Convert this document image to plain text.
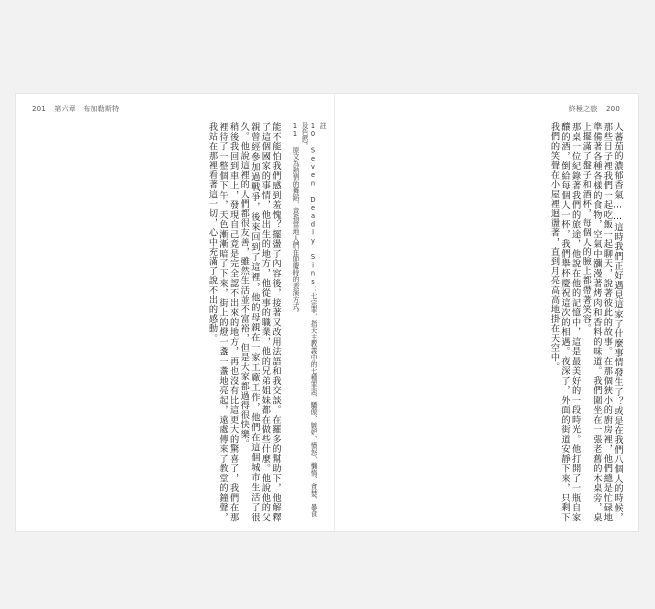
201 第六章　布加勒斯特	終極之旅 200

註

10 Seven Deadly Sins：七宗罪，指天主教義中的七種罪惡，驕傲、嫉妒、憤怒、懶惰、貪婪、暴食及色慾。

11 原文為熱情的舞蹈，意指當地人們在節慶時的表演方式。

能不能怕我們感到羞愧？擺盪了內容後，接著又改用法語和我交談。在羅多的幫助下，他解釋了這個國家的事情，他出生的地方，他從事的職業，他的兄弟姐妹都在做些什麼。他說他的父親曾經參加過戰爭，後來回到了這裡，他的母親在一家工廠工作，他們在這個城市生活了很久。他說這裡的人們都很友善，雖然生活並不富裕，但是大家都過得很快樂。

稍後我回到車上，發現自己竟是完全認不出來的地方，再也沒有比這更大的驚喜了，我們在那裡待了一整個下午，天色漸漸暗了下來，街上的燈一盞一盞地亮起，遠處傳來了教堂的鐘聲，我站在那裡看著這一切，心中充滿了說不出的感動。	人蕃茄的濃郁香氣……這時我們正好遇見這家了什麼事情發生了？或是在我們八個人的時候，那些日子裡我們一起吃飯一起聊天，說著彼此的故事。在那個狹小的廚房裡，他們總是忙碌地準備著各種各樣的食物，空氣中瀰漫著烤肉和香料的味道。我們圍坐在一張老舊的木桌旁，桌上擺滿了盤子和酒杯，每個人的臉上都帶著笑容。

那桌一位紀錄著我們的旅途，他說在他的記憶中，這是最美好的一段時光。他打開了一瓶自家釀的酒，倒給每個人一杯，我們舉杯慶祝這次的相遇。夜深了，外面的街道安靜下來，只剩下我們的笑聲在小屋裡迴盪著，直到月亮高高地掛在天空中。
